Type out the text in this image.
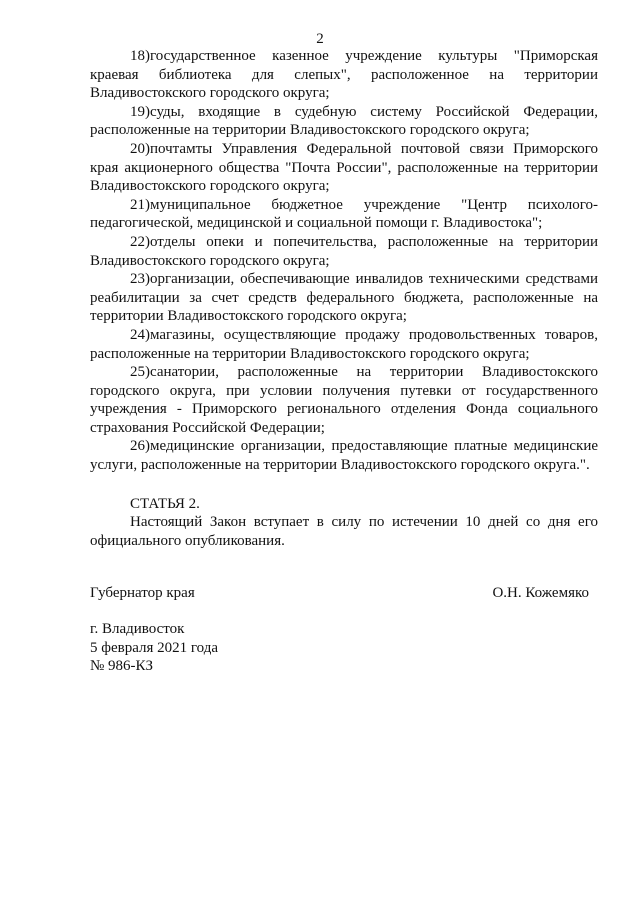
2

18)государственное казенное учреждение культуры "Приморская краевая библиотека для слепых", расположенное на территории Владивостокского городского округа;

19)суды, входящие в судебную систему Российской Федерации, расположенные на территории Владивостокского городского округа;

20)почтамты Управления Федеральной почтовой связи Приморского края акционерного общества "Почта России", расположенные на территории Владивостокского городского округа;

21)муниципальное бюджетное учреждение "Центр психолого-педагогической, медицинской и социальной помощи г. Владивостока";

22)отделы опеки и попечительства, расположенные на территории Владивостокского городского округа;

23)организации, обеспечивающие инвалидов техническими средствами реабилитации за счет средств федерального бюджета, расположенные на территории Владивостокского городского округа;

24)магазины, осуществляющие продажу продовольственных товаров, расположенные на территории Владивостокского городского округа;

25)санатории, расположенные на территории Владивостокского городского округа, при условии получения путевки от государственного учреждения - Приморского регионального отделения Фонда социального страхования Российской Федерации;

26)медицинские организации, предоставляющие платные медицинские услуги, расположенные на территории Владивостокского городского округа.".

СТАТЬЯ 2.

Настоящий Закон вступает в силу по истечении 10 дней со дня его официального опубликования.

Губернатор края	О.Н. Кожемяко
г. Владивосток
5 февраля 2021 года
№ 986-КЗ
